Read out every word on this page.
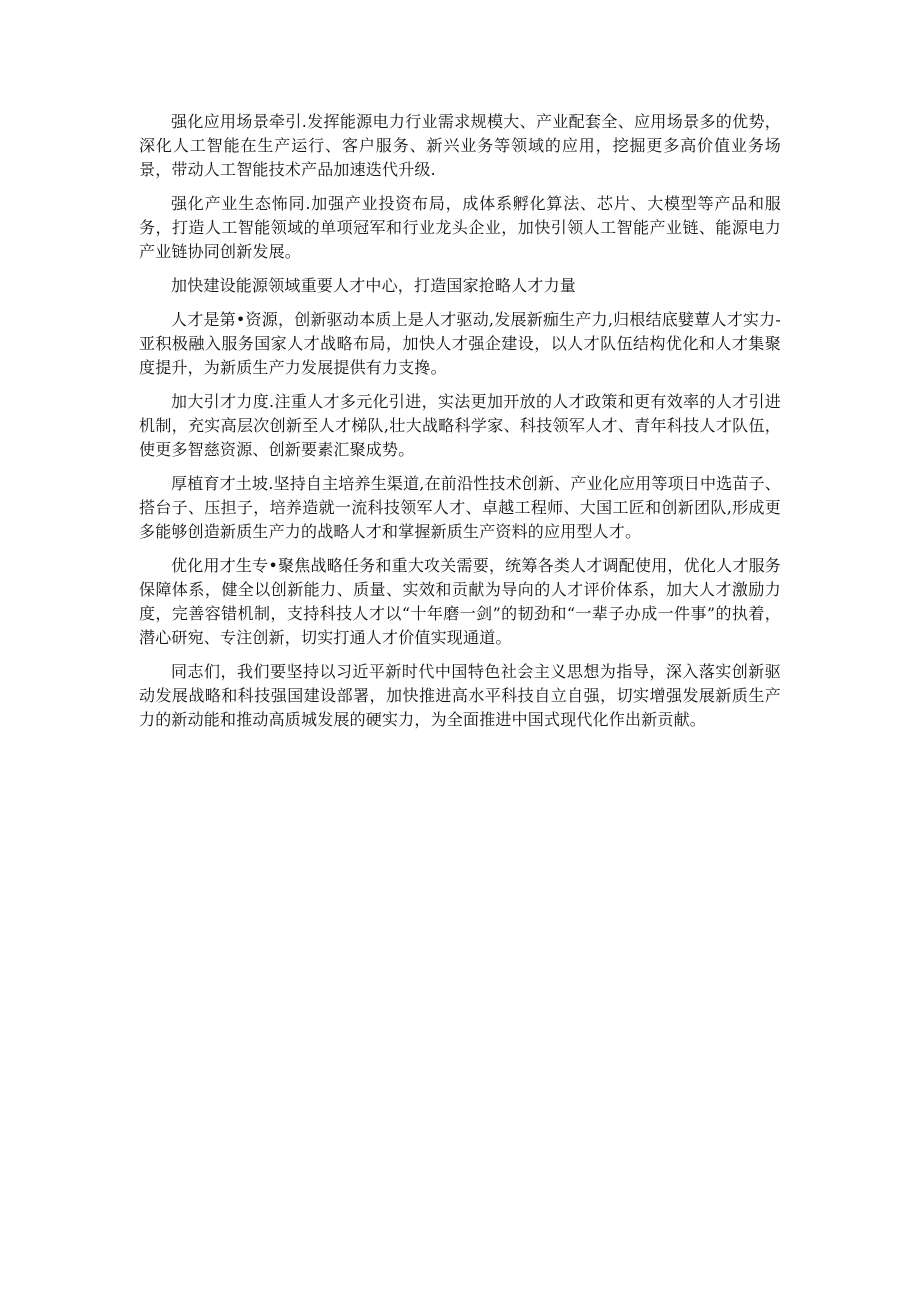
强化应用场景牵引.发挥能源电力行业需求规模大、产业配套全、应用场景多的优势，深化人工智能在生产运行、客户服务、新兴业务等领域的应用，挖掘更多高价值业务场景，带动人工智能技术产品加速迭代升级.

强化产业生态怖同.加强产业投资布局，成体系孵化算法、芯片、大模型等产品和服务，打造人工智能领域的单项冠军和行业龙头企业，加快引领人工智能产业链、能源电力产业链协同创新发展。

加快建设能源领域重要人才中心，打造国家抢略人才力量

人才是第•资源，创新驱动本质上是人才驱动,发展新痂生产力,归根结底嬖蕈人才实力-亚积极融入服务国家人才战略布局，加快人才强企建设，以人才队伍结构优化和人才集聚度提升，为新质生产力发展提供有力支搀。

加大引才力度.注重人才多元化引进，实法更加开放的人才政策和更有效率的人才引进机制，充实高层次创新至人才梯队,壮大战略科学家、科技领军人才、青年科技人才队伍，使更多智慈资源、创新要素汇聚成势。

厚植育才土坡.坚持自主培养生渠道,在前沿性技术创新、产业化应用等项日中选苗子、搭台子、压担子，培养造就一流科技领军人才、卓越工程师、大国工匠和创新团队,形成更多能够创造新质生产力的战略人才和掌握新质生产资料的应用型人才。

优化用才生专•聚焦战略任务和重大攻关需要，统筹各类人才调配使用，优化人才服务保障体系，健全以创新能力、质量、实效和贡献为导向的人才评价体系，加大人才激励力度，完善容错机制，支持科技人才以“十年磨一剑”的韧劲和“一辈子办成一件事”的执着，潜心研宛、专注创新，切实打通人才价值实现通道。

同志们，我们要坚持以习近平新时代中国特色社会主义思想为指导，深入落实创新驱动发展战略和科技强国建设部署，加快推进高水平科技自立自强，切实增强发展新质生产力的新动能和推动高质城发展的硬实力，为全面推进中国式现代化作出新贡献。
